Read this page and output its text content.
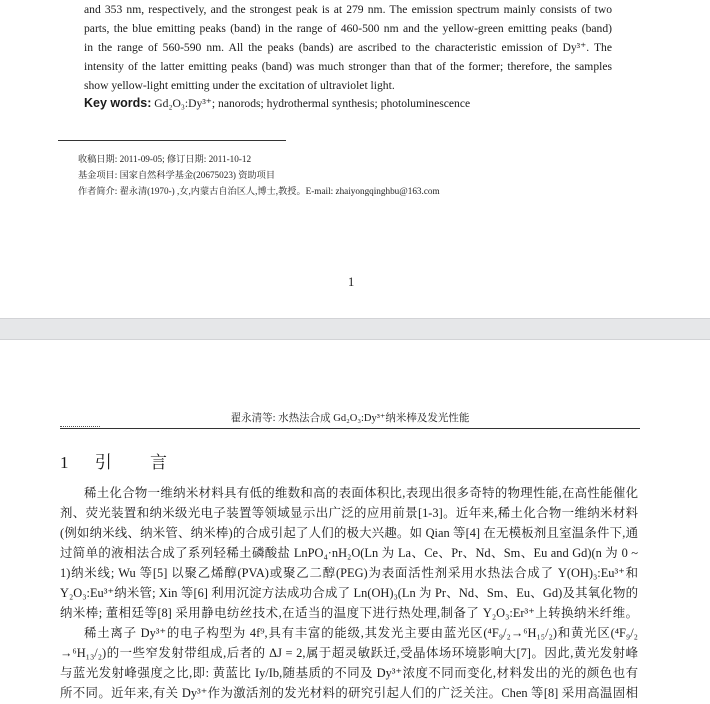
and 353 nm, respectively, and the strongest peak is at 279 nm. The emission spectrum mainly consists of two
parts, the blue emitting peaks (band) in the range of 460-500 nm and the yellow-green emitting peaks (band)
in the range of 560-590 nm. All the peaks (bands) are ascribed to the characteristic emission of Dy³⁺. The
intensity of the latter emitting peaks (band) was much stronger than that of the former; therefore, the samples
show yellow-light emitting under the excitation of ultraviolet light.
Key words: Gd₂O₃:Dy³⁺; nanorods; hydrothermal synthesis; photoluminescence
收稿日期: 2011-09-05; 修订日期: 2011-10-12
基金项目: 国家自然科学基金(20675023) 资助项目
作者简介: 翟永清(1970-) ,女,内蒙古自治区人,博士,教授。E-mail: zhaiyongqinghbu@163.com
1
翟永清等: 水热法合成 Gd₂O₃:Dy³⁺纳米棒及发光性能
1 引 言
稀土化合物一维纳米材料具有低的维数和高的表面体积比,表现出很多奇特的物理性能,在高性能催化
剂、荧光装置和纳米级光电子装置等领域显示出广泛的应用前景[1-3]。近年来,稀土化合物一维纳米材料
(例如纳米线、纳米管、纳米棒)的合成引起了人们的极大兴趣。如 Qian 等[4] 在无模板剂且室温条件下,通
过简单的液相法合成了系列轻稀土磷酸盐 LnPO₄·nH₂O(Ln 为 La、Ce、Pr、Nd、Sm、Eu and Gd)(n 为 0 ~
1)纳米线; Wu 等[5] 以聚乙烯醇(PVA)或聚乙二醇(PEG)为表面活性剂采用水热法合成了 Y(OH)₃:Eu³⁺和
Y₂O₃:Eu³⁺纳米管; Xin 等[6] 利用沉淀方法成功合成了 Ln(OH)₃(Ln 为 Pr、Nd、Sm、Eu、Gd)及其氧化物的
纳米棒; 董相廷等[8] 采用静电纺丝技术,在适当的温度下进行热处理,制备了 Y₂O₃:Er³⁺上转换纳米纤维。
稀土离子 Dy³⁺的电子构型为 4f⁹,具有丰富的能级,其发光主要由蓝光区(⁴F₉/₂→⁶H₁₅/₂)和黄光区(⁴F₉/₂
→⁶H₁₃/₂)的一些窄发射带组成,后者的 ΔJ = 2,属于超灵敏跃迁,受晶体场环境影响大[7]。因此,黄光发射峰
与蓝光发射峰强度之比,即: 黄蓝比 Iy/Ib,随基质的不同及 Dy³⁺浓度不同而变化,材料发出的光的颜色也有
所不同。近年来,有关 Dy³⁺作为激活剂的发光材料的研究引起人们的广泛关注。Chen 等[8] 采用高温固相
